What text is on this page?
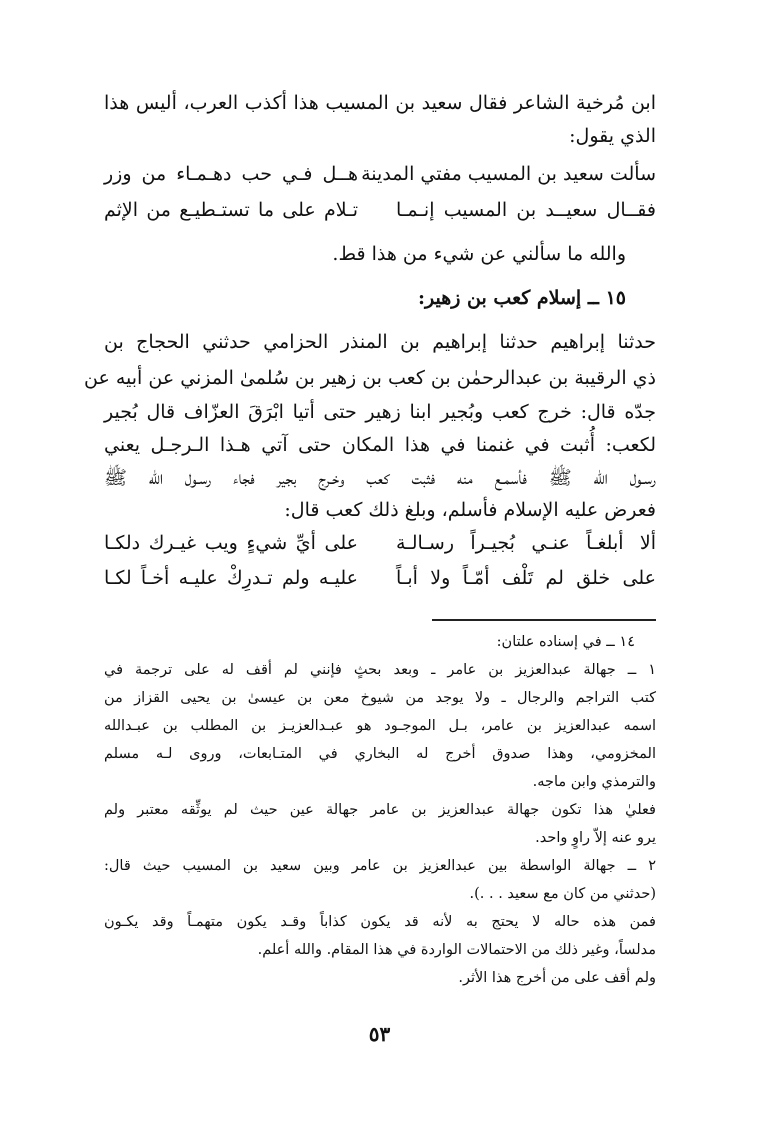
ابن مُرخية الشاعر فقال سعيد بن المسيب هذا أكذب العرب، أليس هذا
الذي يقول:
سألت سعيد بن المسيب مفتي المدينة
هــل فـي حب دهـمـاء من وزر
فقــال سعيــد بن المسيب إنـمـا
تـلام على ما تستـطيـع من الإثم
والله ما سألني عن شيء من هذا قط.
١٥ ــ إسلام كعب بن زهير:
حدثنا إبراهيم حدثنا إبراهيم بن المنذر الحزامي حدثني الحجاج بن
ذي الرقيبة بن عبدالرحمٰن بن كعب بن زهير بن سُلمىٰ المزني عن أبيه عن
جدّه قال: خرج كعب وبُجير ابنا زهير حتى أتيا ابْرَقَ العزّاف قال بُجير
لكعب: أُثبت في غنمنا في هذا المكان حتى آتي هـذا الـرجـل يعني
رسـول الله ﷺ فأسمـع منه فثبت كعب وخـرج بجير فجاء رسـول الله ﷺ
فعرض عليه الإسلام فأسلم، وبلغ ذلك كعب قال:
ألا أبلغـاً عنـي بُجيـراً رسـالـة
على أيِّ شيءٍ ويب غيـرك دلكـا
على خلق لم تَلْف أمّـاً ولا أبـاً
عليـه ولم تـدرِكْ عليـه أخـاً لكـا
١٤ ــ في إسناده علتان:
١ ــ جهالة عبدالعزيز بن عامر ـ وبعد بحثٍ فإنني لم أقف له على ترجمة في
كتب التراجم والرجال ـ ولا يوجد من شيوخ معن بن عيسىٰ بن يحيى القزاز من
اسمه عبدالعزيز بن عامر، بـل الموجـود هو عبـدالعزيـز بن المطلب بن عبـدالله
المخزومي، وهذا صدوق أخرج له البخاري في المتـابعات، وروى لـه مسلم
والترمذي وابن ماجه.
فعليٰ هذا تكون جهالة عبدالعزيز بن عامر جهالة عين حيث لم يوثِّقه معتبر ولم
يرو عنه إلاّ راوٍ واحد.
٢ ــ جهالة الواسطة بين عبدالعزيز بن عامر وبين سعيد بن المسيب حيث قال:
(حدثني من كان مع سعيد . . .).
فمن هذه حاله لا يحتج به لأنه قد يكون كذاباً وقـد يكون متهمـاً وقد يكـون
مدلساً، وغير ذلك من الاحتمالات الواردة في هذا المقام. والله أعلم.
ولم أقف على من أخرج هذا الأثر.
٥٣
